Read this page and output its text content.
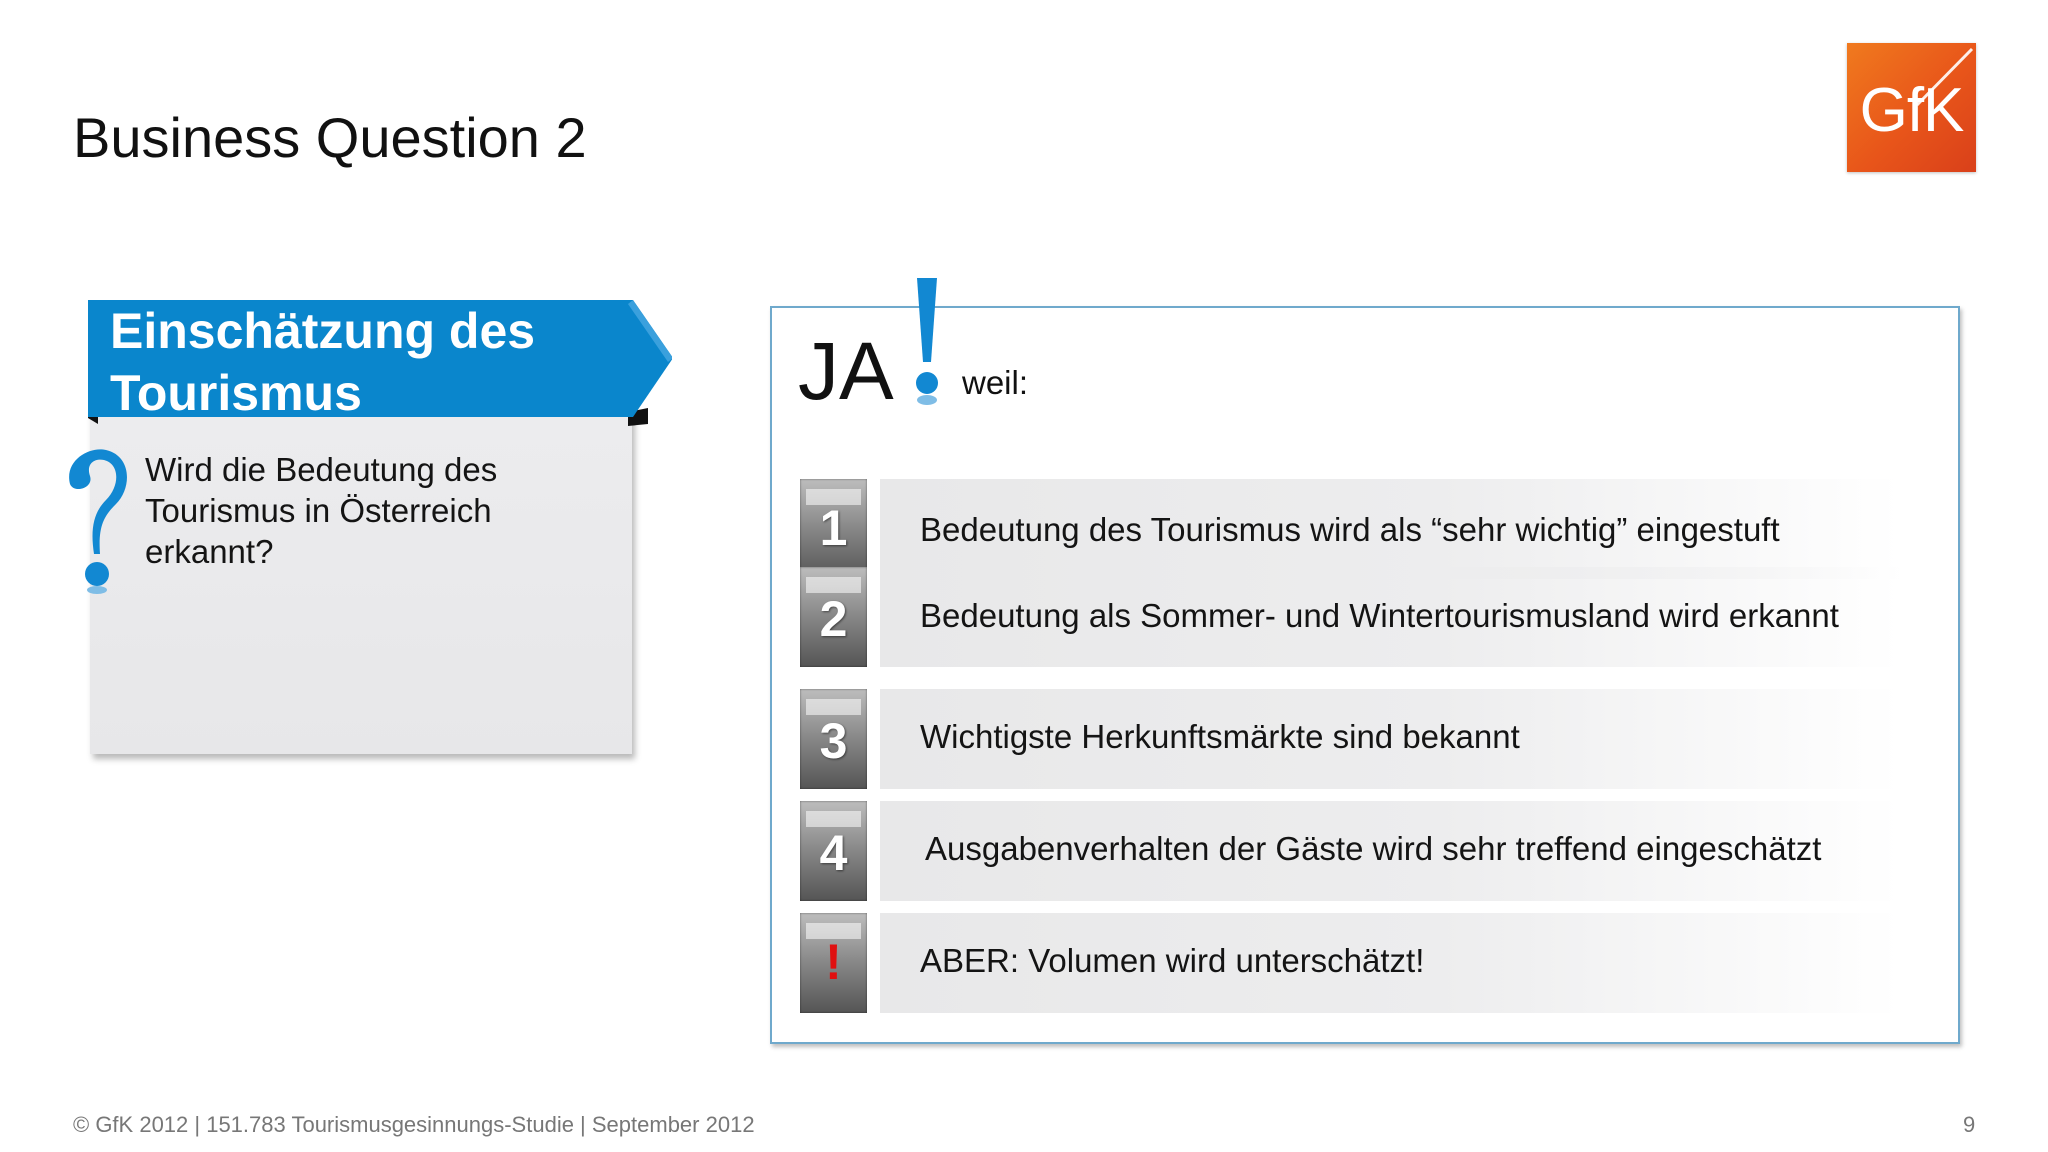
Business Question 2	GfK
Einschätzung des Tourismus
Wird die Bedeutung des Tourismus in Österreich erkannt?
JA weil:
1	Bedeutung des Tourismus wird als “sehr wichtig” eingestuft
2	Bedeutung als Sommer- und Wintertourismusland wird erkannt
3	Wichtigste Herkunftsmärkte sind bekannt
4	Ausgabenverhalten der Gäste wird sehr treffend eingeschätzt
!	ABER: Volumen wird unterschätzt!
© GfK 2012 | 151.783 Tourismusgesinnungs-Studie | September 2012	9
